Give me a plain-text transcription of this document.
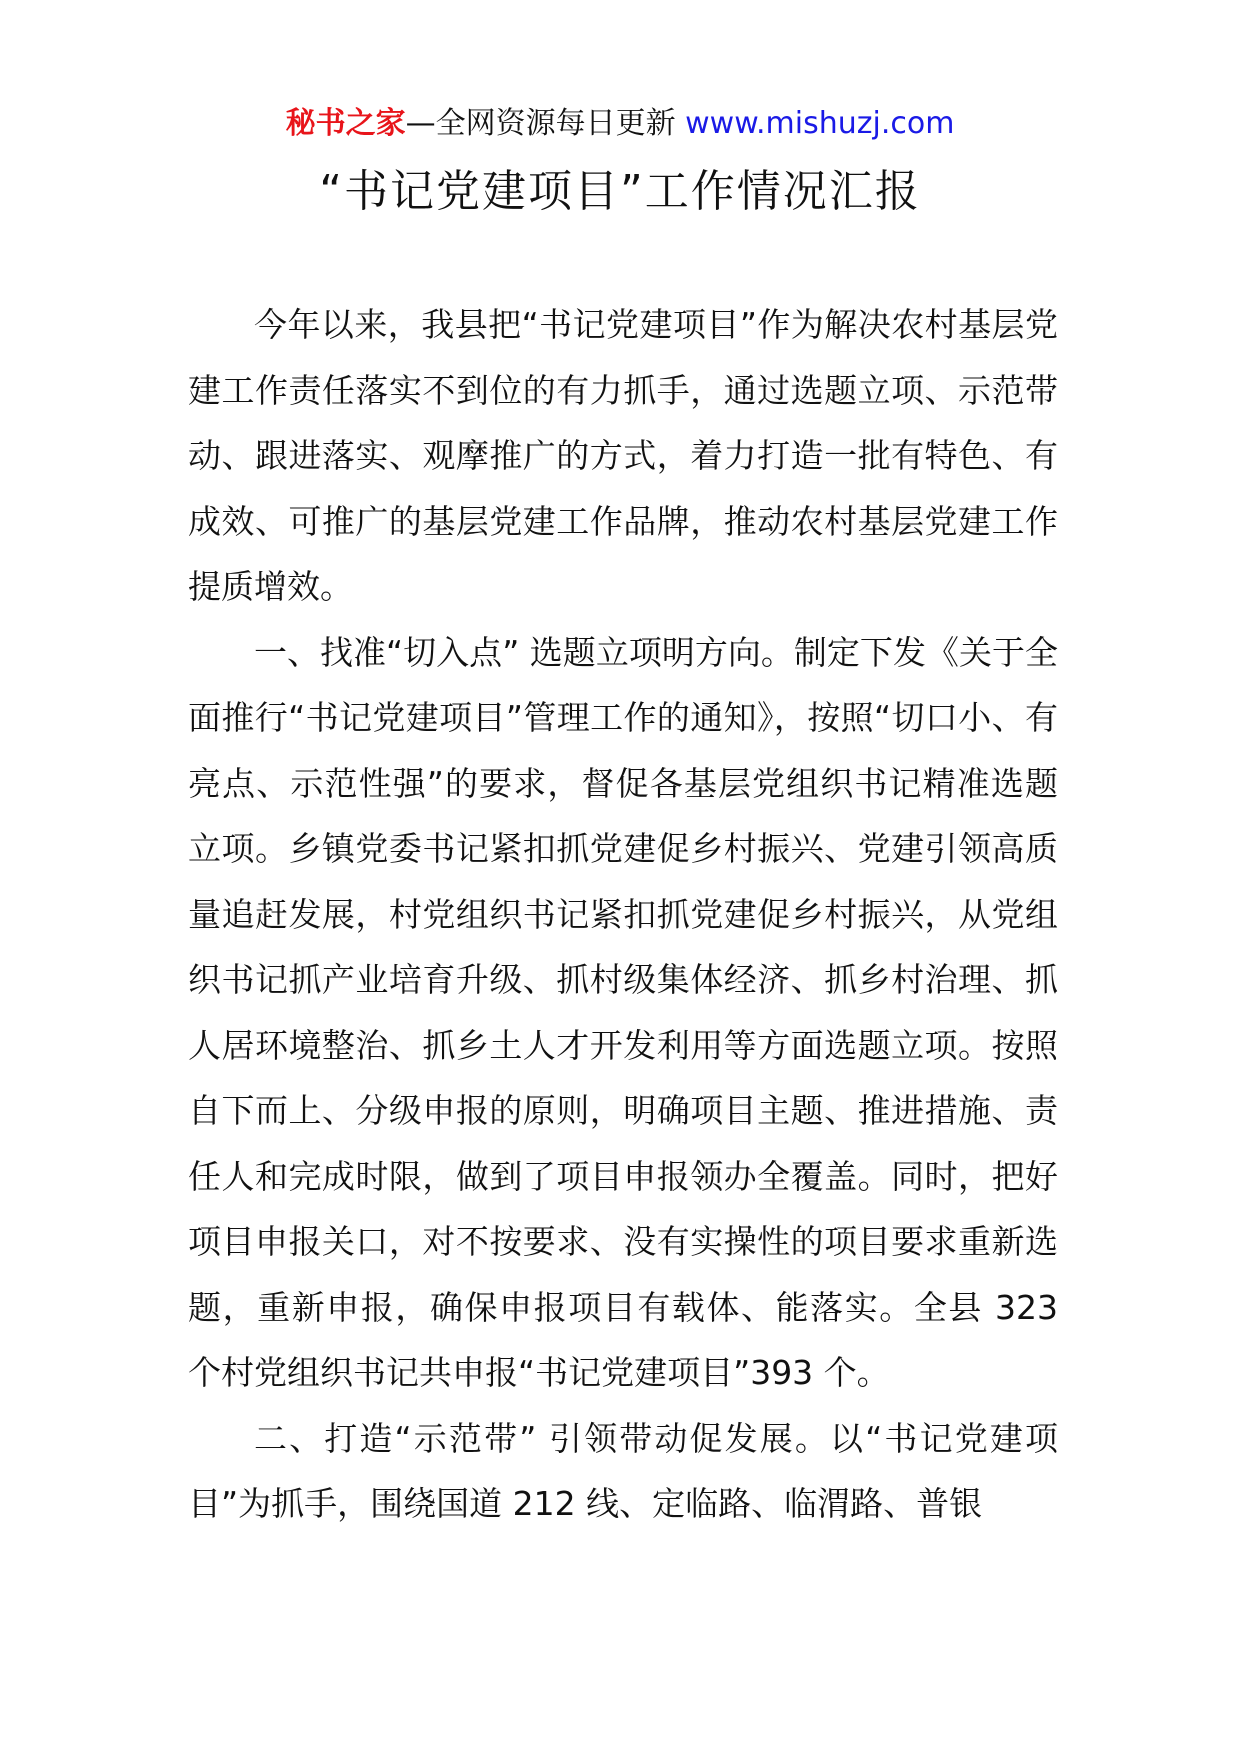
秘书之家—全网资源每日更新 www.mishuzj.com
“书记党建项目”工作情况汇报

今年以来，我县把“书记党建项目”作为解决农村基层党建工作责任落实不到位的有力抓手，通过选题立项、示范带动、跟进落实、观摩推广的方式，着力打造一批有特色、有成效、可推广的基层党建工作品牌，推动农村基层党建工作提质增效。

一、找准“切入点” 选题立项明方向。制定下发《关于全面推行“书记党建项目”管理工作的通知》，按照“切口小、有亮点、示范性强”的要求，督促各基层党组织书记精准选题立项。乡镇党委书记紧扣抓党建促乡村振兴、党建引领高质量追赶发展，村党组织书记紧扣抓党建促乡村振兴，从党组织书记抓产业培育升级、抓村级集体经济、抓乡村治理、抓人居环境整治、抓乡土人才开发利用等方面选题立项。按照自下而上、分级申报的原则，明确项目主题、推进措施、责任人和完成时限，做到了项目申报领办全覆盖。同时，把好项目申报关口，对不按要求、没有实操性的项目要求重新选题，重新申报，确保申报项目有载体、能落实。全县 323 个村党组织书记共申报“书记党建项目”393 个。

二、打造“示范带” 引领带动促发展。以“书记党建项目”为抓手，围绕国道 212 线、定临路、临渭路、普银
